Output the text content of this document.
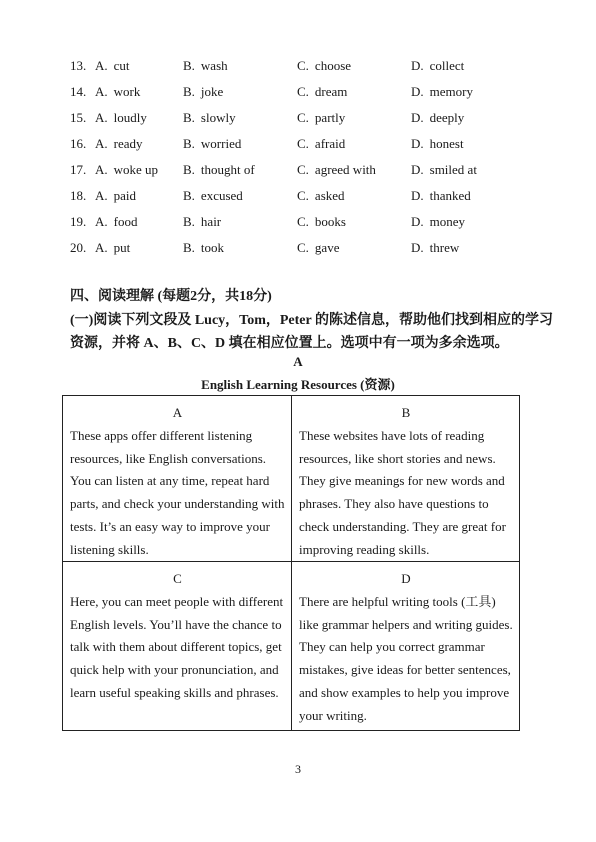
13. A. cut	B. wash	C. choose	D. collect
14. A. work	B. joke	C. dream	D. memory
15. A. loudly	B. slowly	C. partly	D. deeply
16. A. ready	B. worried	C. afraid	D. honest
17. A. woke up B. thought of	C. agreed with	D. smiled at
18. A. paid	B. excused	C. asked	D. thanked
19. A. food	B. hair	C. books	D. money
20. A. put	B. took	C. gave	D. threw
四、阅读理解 (每题2分，共18分)
(一)阅读下列文段及 Lucy，Tom，Peter 的陈述信息，帮助他们找到相应的学习资源，并将 A、B、C、D 填在相应位置上。选项中有一项为多余选项。
A
English Learning Resources (资源)
A
These apps offer different listening resources, like English conversations. You can listen at any time, repeat hard parts, and check your understanding with tests. It’s an easy way to improve your listening skills.
B
These websites have lots of reading resources, like short stories and news. They give meanings for new words and phrases. They also have questions to check understanding. They are great for improving reading skills.
C
Here, you can meet people with different English levels. You’ll have the chance to talk with them about different topics, get quick help with your pronunciation, and learn useful speaking skills and phrases.
D
There are helpful writing tools (工具) like grammar helpers and writing guides. They can help you correct grammar mistakes, give ideas for better sentences, and show examples to help you improve your writing.
3
